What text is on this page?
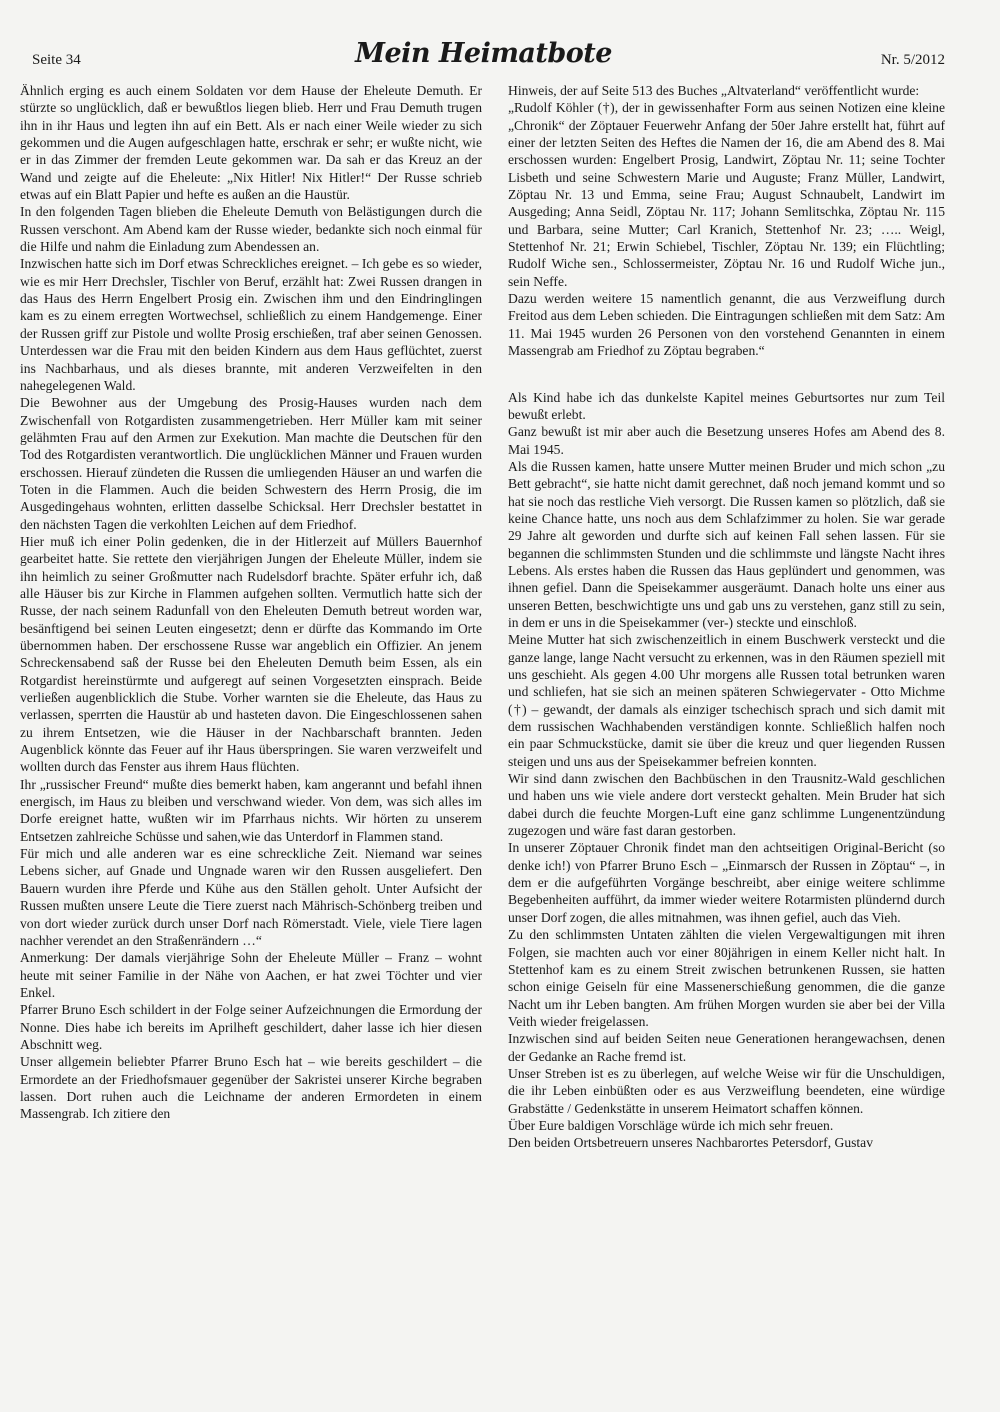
Seite 34	Mein Heimatbote	Nr. 5/2012

Ähnlich erging es auch einem Soldaten vor dem Hause der Eheleute Demuth. Er stürzte so unglücklich, daß er bewußtlos liegen blieb. Herr und Frau Demuth trugen ihn in ihr Haus und legten ihn auf ein Bett. Als er nach einer Weile wieder zu sich gekommen und die Augen aufgeschlagen hatte, erschrak er sehr; er wußte nicht, wie er in das Zimmer der fremden Leute gekommen war. Da sah er das Kreuz an der Wand und zeigte auf die Eheleute: „Nix Hitler! Nix Hitler!“ Der Russe schrieb etwas auf ein Blatt Papier und hefte es außen an die Haustür.

In den folgenden Tagen blieben die Eheleute Demuth von Belästigungen durch die Russen verschont. Am Abend kam der Russe wieder, bedankte sich noch einmal für die Hilfe und nahm die Einladung zum Abendessen an.

Inzwischen hatte sich im Dorf etwas Schreckliches ereignet. – Ich gebe es so wieder, wie es mir Herr Drechsler, Tischler von Beruf, erzählt hat: Zwei Russen drangen in das Haus des Herrn Engelbert Prosig ein. Zwischen ihm und den Eindringlingen kam es zu einem erregten Wortwechsel, schließlich zu einem Handgemenge. Einer der Russen griff zur Pistole und wollte Prosig erschießen, traf aber seinen Genossen. Unterdessen war die Frau mit den beiden Kindern aus dem Haus geflüchtet, zuerst ins Nachbarhaus, und als dieses brannte, mit anderen Verzweifelten in den nahegelegenen Wald.

Die Bewohner aus der Umgebung des Prosig-Hauses wurden nach dem Zwischenfall von Rotgardisten zusammengetrieben. Herr Müller kam mit seiner gelähmten Frau auf den Armen zur Exekution. Man machte die Deutschen für den Tod des Rotgardisten verantwortlich. Die unglücklichen Männer und Frauen wurden erschossen. Hierauf zündeten die Russen die umliegenden Häuser an und warfen die Toten in die Flammen. Auch die beiden Schwestern des Herrn Prosig, die im Ausgedingehaus wohnten, erlitten dasselbe Schicksal. Herr Drechsler bestattet in den nächsten Tagen die verkohlten Leichen auf dem Friedhof.

Hier muß ich einer Polin gedenken, die in der Hitlerzeit auf Müllers Bauernhof gearbeitet hatte. Sie rettete den vierjährigen Jungen der Eheleute Müller, indem sie ihn heimlich zu seiner Großmutter nach Rudelsdorf brachte. Später erfuhr ich, daß alle Häuser bis zur Kirche in Flammen aufgehen sollten. Vermutlich hatte sich der Russe, der nach seinem Radunfall von den Eheleuten Demuth betreut worden war, besänftigend bei seinen Leuten eingesetzt; denn er dürfte das Kommando im Orte übernommen haben. Der erschossene Russe war angeblich ein Offizier. An jenem Schreckensabend saß der Russe bei den Eheleuten Demuth beim Essen, als ein Rotgardist hereinstürmte und aufgeregt auf seinen Vorgesetzten einsprach. Beide verließen augenblicklich die Stube. Vorher warnten sie die Eheleute, das Haus zu verlassen, sperrten die Haustür ab und hasteten davon. Die Eingeschlossenen sahen zu ihrem Entsetzen, wie die Häuser in der Nachbarschaft brannten. Jeden Augenblick könnte das Feuer auf ihr Haus überspringen. Sie waren verzweifelt und wollten durch das Fenster aus ihrem Haus flüchten.

Ihr „russischer Freund“ mußte dies bemerkt haben, kam angerannt und befahl ihnen energisch, im Haus zu bleiben und verschwand wieder. Von dem, was sich alles im Dorfe ereignet hatte, wußten wir im Pfarrhaus nichts. Wir hörten zu unserem Entsetzen zahlreiche Schüsse und sahen,wie das Unterdorf in Flammen stand.

Für mich und alle anderen war es eine schreckliche Zeit. Niemand war seines Lebens sicher, auf Gnade und Ungnade waren wir den Russen ausgeliefert. Den Bauern wurden ihre Pferde und Kühe aus den Ställen geholt. Unter Aufsicht der Russen mußten unsere Leute die Tiere zuerst nach Mährisch-Schönberg treiben und von dort wieder zurück durch unser Dorf nach Römerstadt. Viele, viele Tiere lagen nachher verendet an den Straßenrändern …“

Anmerkung: Der damals vierjährige Sohn der Eheleute Müller – Franz – wohnt heute mit seiner Familie in der Nähe von Aachen, er hat zwei Töchter und vier Enkel.

Pfarrer Bruno Esch schildert in der Folge seiner Aufzeichnungen die Ermordung der Nonne. Dies habe ich bereits im Aprilheft geschildert, daher lasse ich hier diesen Abschnitt weg.

Unser allgemein beliebter Pfarrer Bruno Esch hat – wie bereits geschildert – die Ermordete an der Friedhofsmauer gegenüber der Sakristei unserer Kirche begraben lassen. Dort ruhen auch die Leichname der anderen Ermordeten in einem Massengrab. Ich zitiere den

Hinweis, der auf Seite 513 des Buches „Altvaterland“ veröffentlicht wurde:

„Rudolf Köhler (†), der in gewissenhafter Form aus seinen Notizen eine kleine „Chronik“ der Zöptauer Feuerwehr Anfang der 50er Jahre erstellt hat, führt auf einer der letzten Seiten des Heftes die Namen der 16, die am Abend des 8. Mai erschossen wurden: Engelbert Prosig, Landwirt, Zöptau Nr. 11; seine Tochter Lisbeth und seine Schwestern Marie und Auguste; Franz Müller, Landwirt, Zöptau Nr. 13 und Emma, seine Frau; August Schnaubelt, Landwirt im Ausgeding; Anna Seidl, Zöptau Nr. 117; Johann Semlitschka, Zöptau Nr. 115 und Barbara, seine Mutter; Carl Kranich, Stettenhof Nr. 23; ….. Weigl, Stettenhof Nr. 21; Erwin Schiebel, Tischler, Zöptau Nr. 139; ein Flüchtling; Rudolf Wiche sen., Schlossermeister, Zöptau Nr. 16 und Rudolf Wiche jun., sein Neffe.

Dazu werden weitere 15 namentlich genannt, die aus Verzweiflung durch Freitod aus dem Leben schieden. Die Eintragungen schließen mit dem Satz: Am 11. Mai 1945 wurden 26 Personen von den vorstehend Genannten in einem Massengrab am Friedhof zu Zöptau begraben.“

Als Kind habe ich das dunkelste Kapitel meines Geburtsortes nur zum Teil bewußt erlebt.

Ganz bewußt ist mir aber auch die Besetzung unseres Hofes am Abend des 8. Mai 1945.

Als die Russen kamen, hatte unsere Mutter meinen Bruder und mich schon „zu Bett gebracht“, sie hatte nicht damit gerechnet, daß noch jemand kommt und so hat sie noch das restliche Vieh versorgt. Die Russen kamen so plötzlich, daß sie keine Chance hatte, uns noch aus dem Schlafzimmer zu holen. Sie war gerade 29 Jahre alt geworden und durfte sich auf keinen Fall sehen lassen. Für sie begannen die schlimmsten Stunden und die schlimmste und längste Nacht ihres Lebens. Als erstes haben die Russen das Haus geplündert und genommen, was ihnen gefiel. Dann die Speisekammer ausgeräumt. Danach holte uns einer aus unseren Betten, beschwichtigte uns und gab uns zu verstehen, ganz still zu sein, in dem er uns in die Speisekammer (ver-) steckte und einschloß.

Meine Mutter hat sich zwischenzeitlich in einem Buschwerk versteckt und die ganze lange, lange Nacht versucht zu erkennen, was in den Räumen speziell mit uns geschieht. Als gegen 4.00 Uhr morgens alle Russen total betrunken waren und schliefen, hat sie sich an meinen späteren Schwiegervater - Otto Michme (†) – gewandt, der damals als einziger tschechisch sprach und sich damit mit dem russischen Wachhabenden verständigen konnte. Schließlich halfen noch ein paar Schmuckstücke, damit sie über die kreuz und quer liegenden Russen steigen und uns aus der Speisekammer befreien konnten.

Wir sind dann zwischen den Bachbüschen in den Trausnitz-Wald geschlichen und haben uns wie viele andere dort versteckt gehalten. Mein Bruder hat sich dabei durch die feuchte Morgen-Luft eine ganz schlimme Lungenentzündung zugezogen und wäre fast daran gestorben.

In unserer Zöptauer Chronik findet man den achtseitigen Original-Bericht (so denke ich!) von Pfarrer Bruno Esch – „Einmarsch der Russen in Zöptau“ –, in dem er die aufgeführten Vorgänge beschreibt, aber einige weitere schlimme Begebenheiten aufführt, da immer wieder weitere Rotarmisten plündernd durch unser Dorf zogen, die alles mitnahmen, was ihnen gefiel, auch das Vieh.

Zu den schlimmsten Untaten zählten die vielen Vergewaltigungen mit ihren Folgen, sie machten auch vor einer 80jährigen in einem Keller nicht halt. In Stettenhof kam es zu einem Streit zwischen betrunkenen Russen, sie hatten schon einige Geiseln für eine Massenerschießung genommen, die die ganze Nacht um ihr Leben bangten. Am frühen Morgen wurden sie aber bei der Villa Veith wieder freigelassen.

Inzwischen sind auf beiden Seiten neue Generationen herangewachsen, denen der Gedanke an Rache fremd ist.

Unser Streben ist es zu überlegen, auf welche Weise wir für die Unschuldigen, die ihr Leben einbüßten oder es aus Verzweiflung beendeten, eine würdige Grabstätte / Gedenkstätte in unserem Heimatort schaffen können.

Über Eure baldigen Vorschläge würde ich mich sehr freuen.

Den beiden Ortsbetreuern unseres Nachbarortes Petersdorf, Gustav
